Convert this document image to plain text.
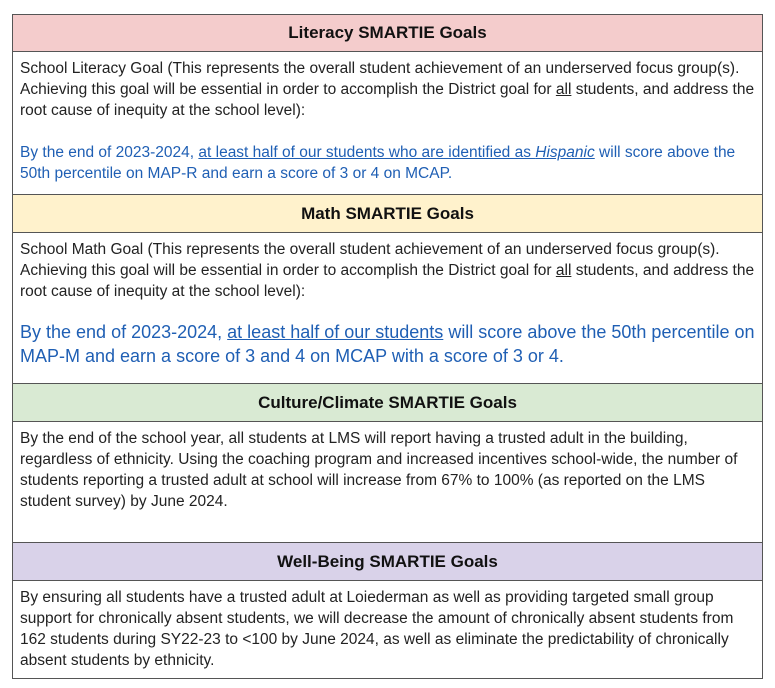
Literacy SMARTIE Goals
School Literacy Goal (This represents the overall student achievement of an underserved focus group(s). Achieving this goal will be essential in order to accomplish the District goal for all students, and address the root cause of inequity at the school level):
By the end of 2023-2024, at least half of our students who are identified as Hispanic will score above the 50th percentile on MAP-R and earn a score of 3 or 4 on MCAP.
Math SMARTIE Goals
School Math Goal (This represents the overall student achievement of an underserved focus group(s). Achieving this goal will be essential in order to accomplish the District goal for all students, and address the root cause of inequity at the school level):
By the end of 2023-2024, at least half of our students will score above the 50th percentile on MAP-M and earn a score of 3 and 4 on MCAP with a score of 3 or 4.
Culture/Climate SMARTIE Goals
By the end of the school year, all students at LMS will report having a trusted adult in the building, regardless of ethnicity. Using the coaching program and increased incentives school-wide, the number of students reporting a trusted adult at school will increase from 67% to 100% (as reported on the LMS student survey) by June 2024.
Well-Being SMARTIE Goals
By ensuring all students have a trusted adult at Loiederman as well as providing targeted small group support for chronically absent students, we will decrease the amount of chronically absent students from 162 students during SY22-23 to <100 by June 2024, as well as eliminate the predictability of chronically absent students by ethnicity.
